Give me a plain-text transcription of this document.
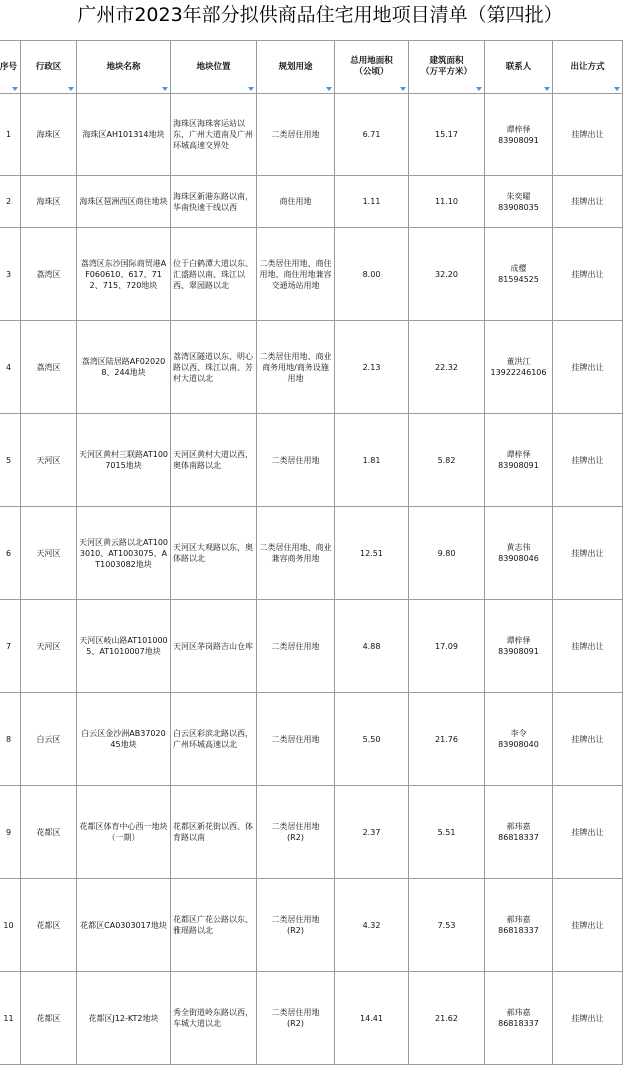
广州市2023年部分拟供商品住宅用地项目清单（第四批）
序号	行政区	地块名称	地块位置	规划用途	总用地面积
（公顷）	建筑面积
（万平方米）	联系人	出让方式

1	海珠区	海珠区AH101314地块	海珠区海珠客运站以东，广州大道南及广州环城高速交界处	二类居住用地	6.71	15.17	谭梓怿
83908091	挂牌出让
2	海珠区	海珠区琶洲西区商住地块	海珠区新港东路以南，华南快速干线以西	商住用地	1.11	11.10	朱奕曜
83908035	挂牌出让
3	荔湾区	荔湾区东沙国际商贸港AF060610、617、712、715、720地块	位于白鹤潭大道以东、汇盛路以南、珠江以西、翠园路以北	二类居住用地、商住用地、商住用地兼容交通场站用地	8.00	32.20	成樱
81594525	挂牌出让
4	荔湾区	荔湾区陆居路AF020208、244地块	荔湾区隧道以东、明心路以西、珠江以南、芳村大道以北	二类居住用地、商业商务用地/商务设施用地	2.13	22.32	董洪江
13922246106	挂牌出让
5	天河区	天河区黄村三联路AT1007015地块	天河区黄村大道以西，奥体南路以北	二类居住用地	1.81	5.82	谭梓怿
83908091	挂牌出让
6	天河区	天河区黄云路以北AT1003010、AT1003075、AT1003082地块	天河区大观路以东，奥体路以北	二类居住用地、商业兼容商务用地	12.51	9.80	黄志伟
83908046	挂牌出让
7	天河区	天河区岐山路AT1010005、AT1010007地块	天河区茅岗路吉山仓库	二类居住用地	4.88	17.09	谭梓怿
83908091	挂牌出让
8	白云区	白云区金沙洲AB3702045地块	白云区彩滨北路以西，广州环城高速以北	二类居住用地	5.50	21.76	李令
83908040	挂牌出让
9	花都区	花都区体育中心西一地块
（一期）	花都区新花街以西、体育路以南	二类居住用地
(R2)	2.37	5.51	郝玮嘉
86818337	挂牌出让
10	花都区	花都区CA0303017地块	花都区广花公路以东、雅瑶路以北	二类居住用地
(R2)	4.32	7.53	郝玮嘉
86818337	挂牌出让
11	花都区	花都区J12-KT2地块	秀全街道岭东路以西，车城大道以北	二类居住用地
(R2)	14.41	21.62	郝玮嘉
86818337	挂牌出让
